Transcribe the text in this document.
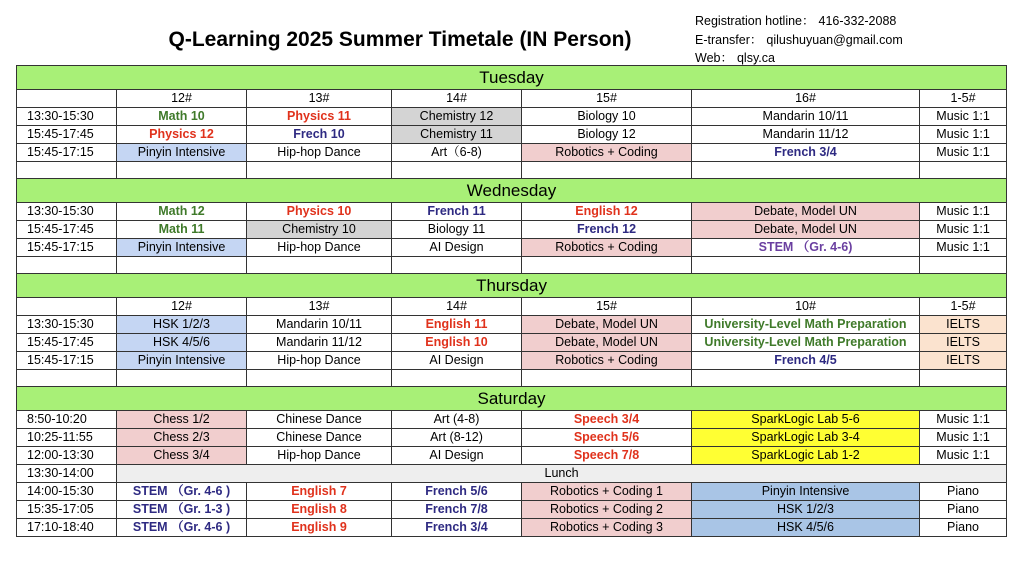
Q-Learning 2025 Summer Timetale (IN Person)
Registration hotline： 416-332-2088
E-transfer： qilushuyuan@gmail.com
Web： qlsy.ca
Tuesday						
	12#	13#	14#	15#	16#	1-5#
13:30-15:30	Math 10	Physics 11	Chemistry 12	Biology 10	Mandarin 10/11	Music 1:1
15:45-17:45	Physics 12	Frech 10	Chemistry 11	Biology 12	Mandarin 11/12	Music 1:1
15:45-17:15	Pinyin Intensive	Hip-hop Dance	Art（6-8)	Robotics + Coding	French 3/4	Music 1:1

Wednesday						
13:30-15:30	Math 12	Physics 10	French 11	English 12	Debate, Model UN	Music 1:1
15:45-17:45	Math 11	Chemistry 10	Biology 11	French 12	Debate, Model UN	Music 1:1
15:45-17:15	Pinyin Intensive	Hip-hop Dance	AI Design	Robotics + Coding	STEM （Gr. 4-6)	Music 1:1

Thursday						
	12#	13#	14#	15#	10#	1-5#
13:30-15:30	HSK 1/2/3	Mandarin 10/11	English 11	Debate, Model UN	University-Level Math Preparation	IELTS
15:45-17:45	HSK 4/5/6	Mandarin 11/12	English 10	Debate, Model UN	University-Level Math Preparation	IELTS
15:45-17:15	Pinyin Intensive	Hip-hop Dance	AI Design	Robotics + Coding	French 4/5	IELTS

Saturday						
8:50-10:20	Chess 1/2	Chinese Dance	Art (4-8)	Speech 3/4	SparkLogic Lab 5-6	Music 1:1
10:25-11:55	Chess 2/3	Chinese Dance	Art (8-12)	Speech 5/6	SparkLogic Lab 3-4	Music 1:1
12:00-13:30	Chess 3/4	Hip-hop Dance	AI Design	Speech 7/8	SparkLogic Lab 1-2	Music 1:1
13:30-14:00	Lunch					
14:00-15:30	STEM （Gr. 4-6 )	English 7	French 5/6	Robotics + Coding 1	Pinyin Intensive	Piano
15:35-17:05	STEM （Gr. 1-3 )	English 8	French 7/8	Robotics + Coding 2	HSK 1/2/3	Piano
17:10-18:40	STEM （Gr. 4-6 )	English 9	French 3/4	Robotics + Coding 3	HSK 4/5/6	Piano
